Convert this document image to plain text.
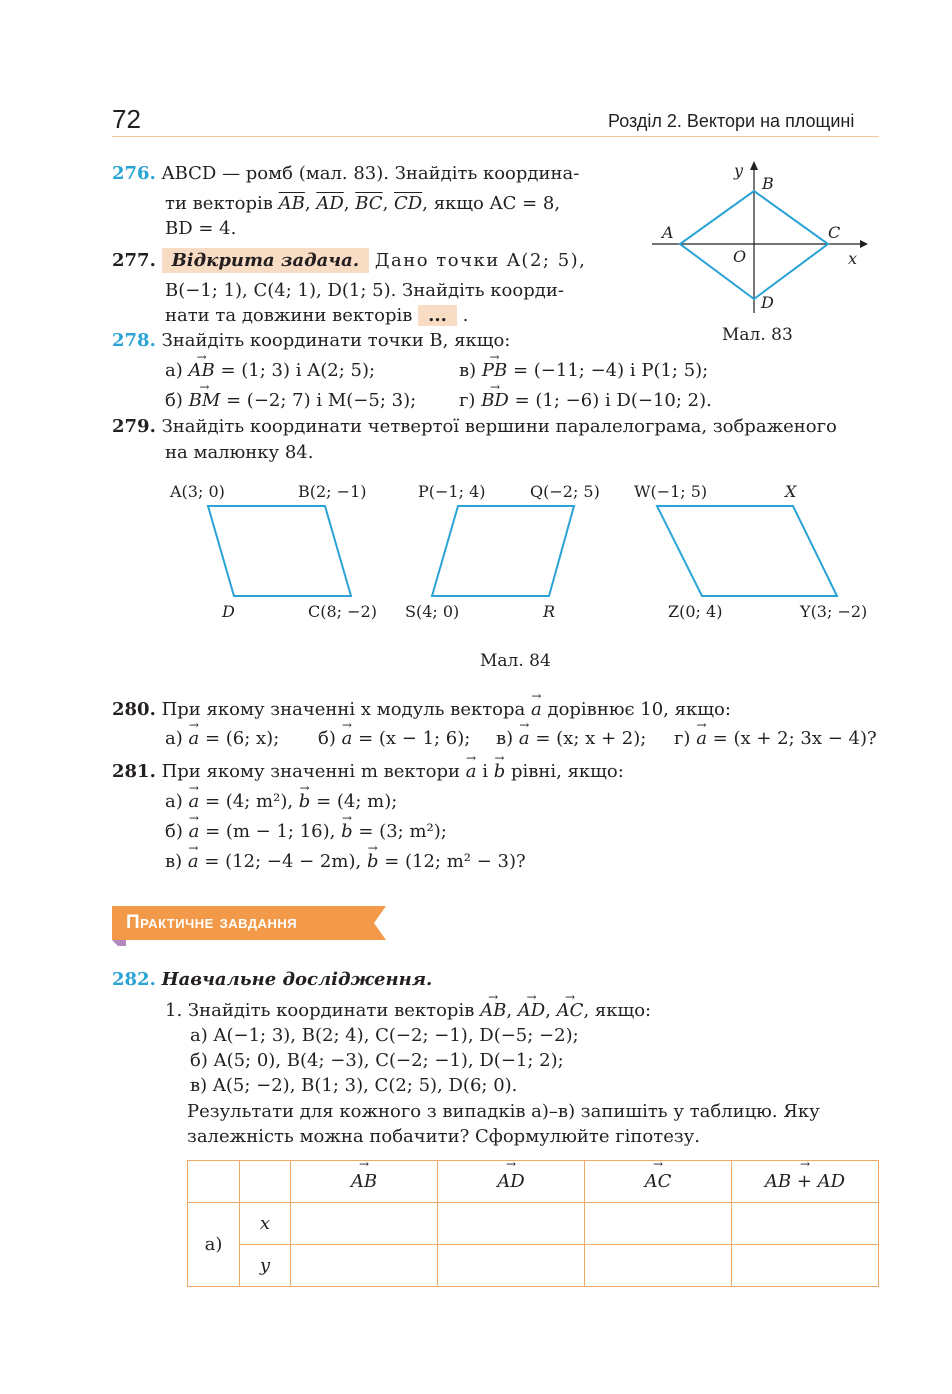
72	Розділ 2. Вектори на площині
276. ABCD — ромб (мал. 83). Знайдіть координа-
ти векторів $\overline{AB}$, $\overline{AD}$, $\overline{BC}$, $\overline{CD}$, якщо AC = 8,
BD = 4.
277. Відкрита задача. Дано точки A(2; 5),
B(−1; 1), C(4; 1), D(1; 5). Знайдіть коорди-
нати та довжини векторів ... .
y
B
A	C
O	x
D
Мал. 83
278. Знайдіть координати точки B, якщо:
а) → AB = (1; 3) і A(2; 5);	в) → PB = (−11; −4) і P(1; 5);
б) → BM = (−2; 7) і M(−5; 3); г) → BD = (1; −6) і D(−10; 2).
279. Знайдіть координати четвертої вершини паралелограма, зображеного
на малюнку 84.
A(3; 0)	B(2; −1)
D	C(8; −2)
P(−1; 4)	Q(−2; 5)
S(4; 0)	R
W(−1; 5)	X
Z(0; 4)	Y(3; −2)
Мал. 84
280. При якому значенні x модуль вектора → a дорівнює 10, якщо:
а) → a = (6; x); б) → a = (x − 1; 6); в) → a = (x; x + 2); г) → a = (x + 2; 3x − 4)?
281. При якому значенні m вектори → a і → b рівні, якщо:
а) → a = (4; m²), → b = (4; m);
б) → a = (m − 1; 16), → b = (3; m²);
в) → a = (12; −4 − 2m), → b = (12; m² − 3)?
Практичне завдання
282. Навчальне дослідження.
1. Знайдіть координати векторів → AB, → AD, → AC, якщо:
а) A(−1; 3), B(2; 4), C(−2; −1), D(−5; −2);
б) A(5; 0), B(4; −3), C(−2; −1), D(−1; 2);
в) A(5; −2), B(1; 3), C(2; 5), D(6; 0).
Результати для кожного з випадків а)–в) запишіть у таблицю. Яку
залежність можна побачити? Сформулюйте гіпотезу.
		→ AB	→ AD	→ AC	→ AB + AD
а)	x				
	y				
